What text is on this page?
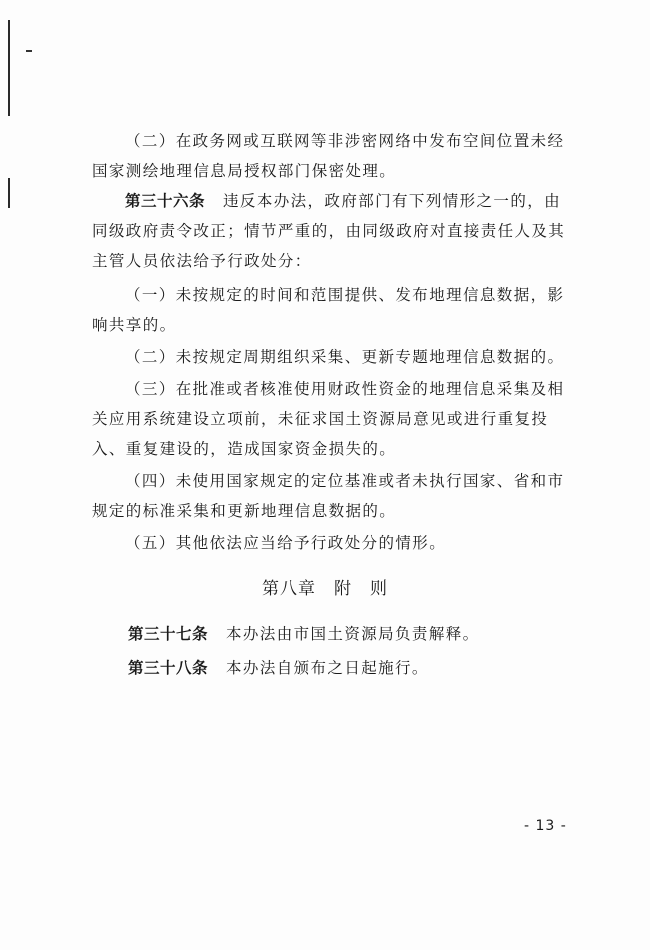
（二）在政务网或互联网等非涉密网络中发布空间位置未经国家测绘地理信息局授权部门保密处理。

第三十六条 违反本办法，政府部门有下列情形之一的，由同级政府责令改正；情节严重的，由同级政府对直接责任人及其主管人员依法给予行政处分：

（一）未按规定的时间和范围提供、发布地理信息数据，影响共享的。

（二）未按规定周期组织采集、更新专题地理信息数据的。

（三）在批准或者核准使用财政性资金的地理信息采集及相关应用系统建设立项前，未征求国土资源局意见或进行重复投入、重复建设的，造成国家资金损失的。

（四）未使用国家规定的定位基准或者未执行国家、省和市规定的标准采集和更新地理信息数据的。

（五）其他依法应当给予行政处分的情形。

第八章　附　则
第三十七条 本办法由市国土资源局负责解释。
第三十八条 本办法自颁布之日起施行。
- 13 -
